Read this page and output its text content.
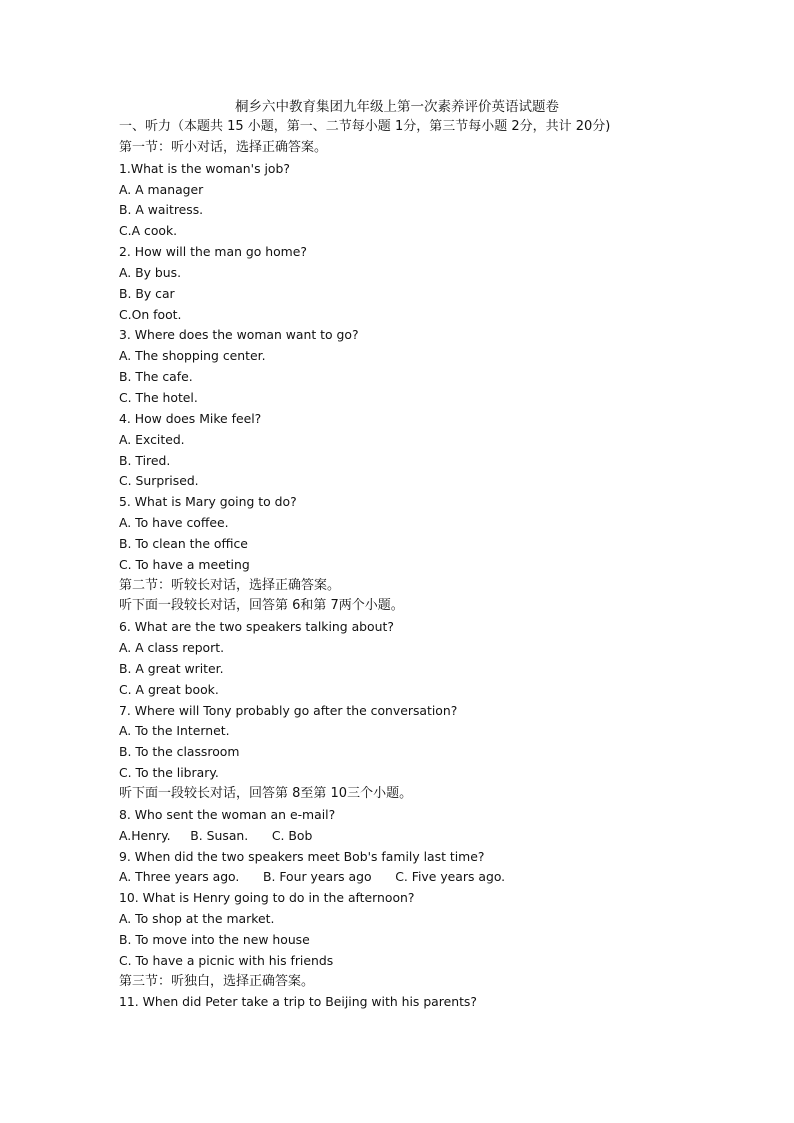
桐乡六中教育集团九年级上第一次素养评价英语试题卷
一、听力（本题共 15 小题，第一、二节每小题 1分，第三节每小题 2分，共计 20分)
第一节：听小对话，选择正确答案。
1.What is the woman's job?
A. A manager
B. A waitress.
C.A cook.
2. How will the man go home?
A. By bus.
B. By car
C.On foot.
3. Where does the woman want to go?
A. The shopping center.
B. The cafe.
C. The hotel.
4. How does Mike feel?
A. Excited.
B. Tired.
C. Surprised.
5. What is Mary going to do?
A. To have coffee.
B. To clean the office
C. To have a meeting
第二节：听较长对话，选择正确答案。
听下面一段较长对话，回答第 6和第 7两个小题。
6. What are the two speakers talking about?
A. A class report.
B. A great writer.
C. A great book.
7. Where will Tony probably go after the conversation?
A. To the Internet.
B. To the classroom
C. To the library.
听下面一段较长对话，回答第 8至第 10三个小题。
8. Who sent the woman an e-mail?
A.Henry.     B. Susan.      C. Bob
9. When did the two speakers meet Bob's family last time?
A. Three years ago.      B. Four years ago      C. Five years ago.
10. What is Henry going to do in the afternoon?
A. To shop at the market.
B. To move into the new house
C. To have a picnic with his friends
第三节：听独白，选择正确答案。
11. When did Peter take a trip to Beijing with his parents?
